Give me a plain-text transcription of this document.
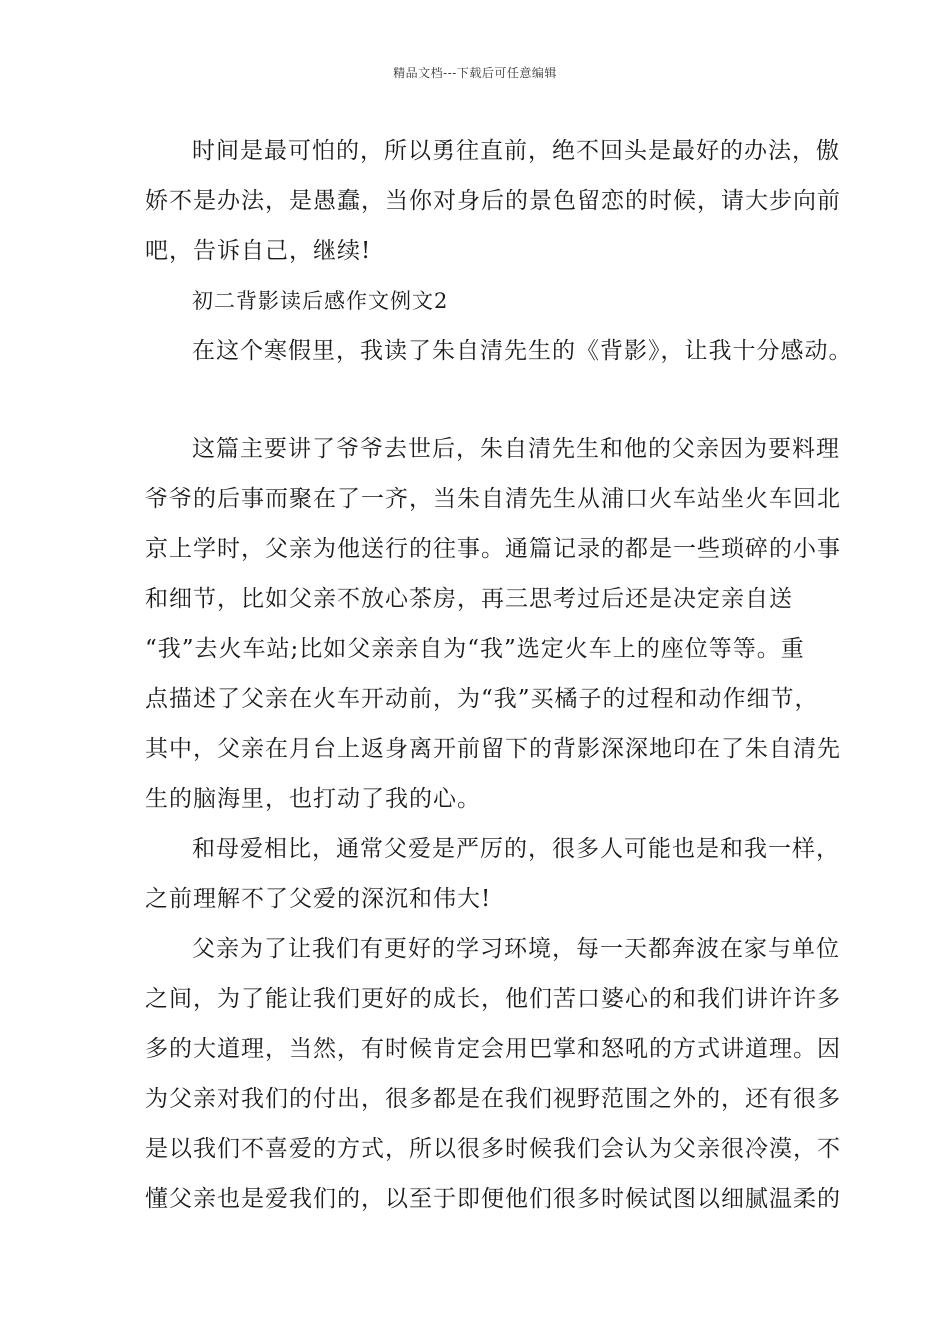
精品文档---下载后可任意编辑
时间是最可怕的，所以勇往直前，绝不回头是最好的办法，傲
娇不是办法，是愚蠢，当你对身后的景色留恋的时候，请大步向前
吧，告诉自己，继续!
初二背影读后感作文例文2
在这个寒假里，我读了朱自清先生的《背影》，让我十分感动。
这篇主要讲了爷爷去世后，朱自清先生和他的父亲因为要料理
爷爷的后事而聚在了一齐，当朱自清先生从浦口火车站坐火车回北
京上学时，父亲为他送行的往事。通篇记录的都是一些琐碎的小事
和细节，比如父亲不放心茶房，再三思考过后还是决定亲自送
“我”去火车站;比如父亲亲自为“我”选定火车上的座位等等。重
点描述了父亲在火车开动前，为“我”买橘子的过程和动作细节，
其中，父亲在月台上返身离开前留下的背影深深地印在了朱自清先
生的脑海里，也打动了我的心。
和母爱相比，通常父爱是严厉的，很多人可能也是和我一样，
之前理解不了父爱的深沉和伟大!
父亲为了让我们有更好的学习环境，每一天都奔波在家与单位
之间，为了能让我们更好的成长，他们苦口婆心的和我们讲许许多
多的大道理，当然，有时候肯定会用巴掌和怒吼的方式讲道理。因
为父亲对我们的付出，很多都是在我们视野范围之外的，还有很多
是以我们不喜爱的方式，所以很多时候我们会认为父亲很冷漠，不
懂父亲也是爱我们的，以至于即便他们很多时候试图以细腻温柔的
